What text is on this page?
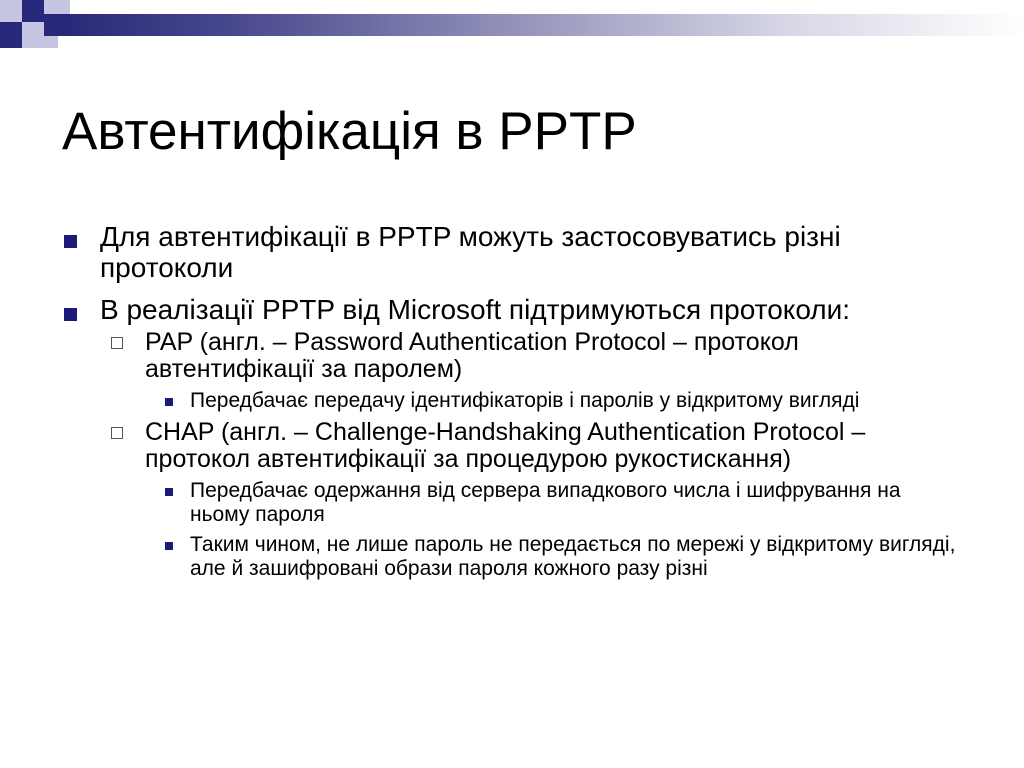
Автентифікація в PPTP
Для автентифікації в PPTP можуть застосовуватись різні протоколи
В реалізації PPTP від Microsoft підтримуються протоколи:
PAP (англ. – Password Authentication Protocol – протокол автентифікації за паролем)
Передбачає передачу ідентифікаторів і паролів у відкритому вигляді
CHAP (англ. – Challenge-Handshaking Authentication Protocol – протокол автентифікації за процедурою рукостискання)
Передбачає одержання від сервера випадкового числа і шифрування на ньому пароля
Таким чином, не лише пароль не передається по мережі у відкритому вигляді, але й зашифровані образи пароля кожного разу різні
